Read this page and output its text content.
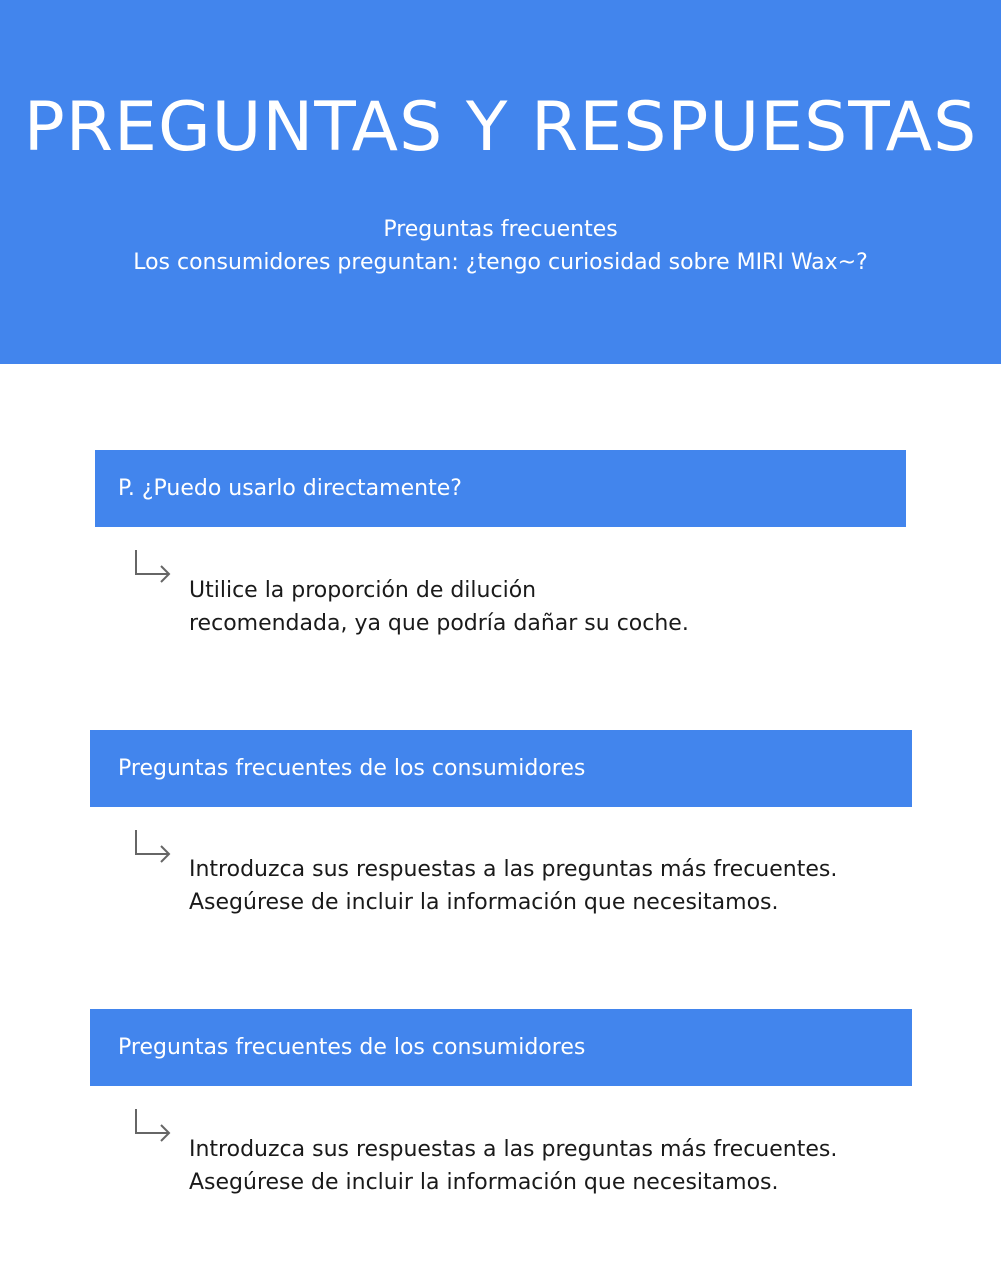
PREGUNTAS Y RESPUESTAS
Preguntas frecuentes
Los consumidores preguntan: ¿tengo curiosidad sobre MIRI Wax~?
P. ¿Puedo usarlo directamente?
Utilice la proporción de dilución
recomendada, ya que podría dañar su coche.
Preguntas frecuentes de los consumidores
Introduzca sus respuestas a las preguntas más frecuentes.
Asegúrese de incluir la información que necesitamos.
Preguntas frecuentes de los consumidores
Introduzca sus respuestas a las preguntas más frecuentes.
Asegúrese de incluir la información que necesitamos.
